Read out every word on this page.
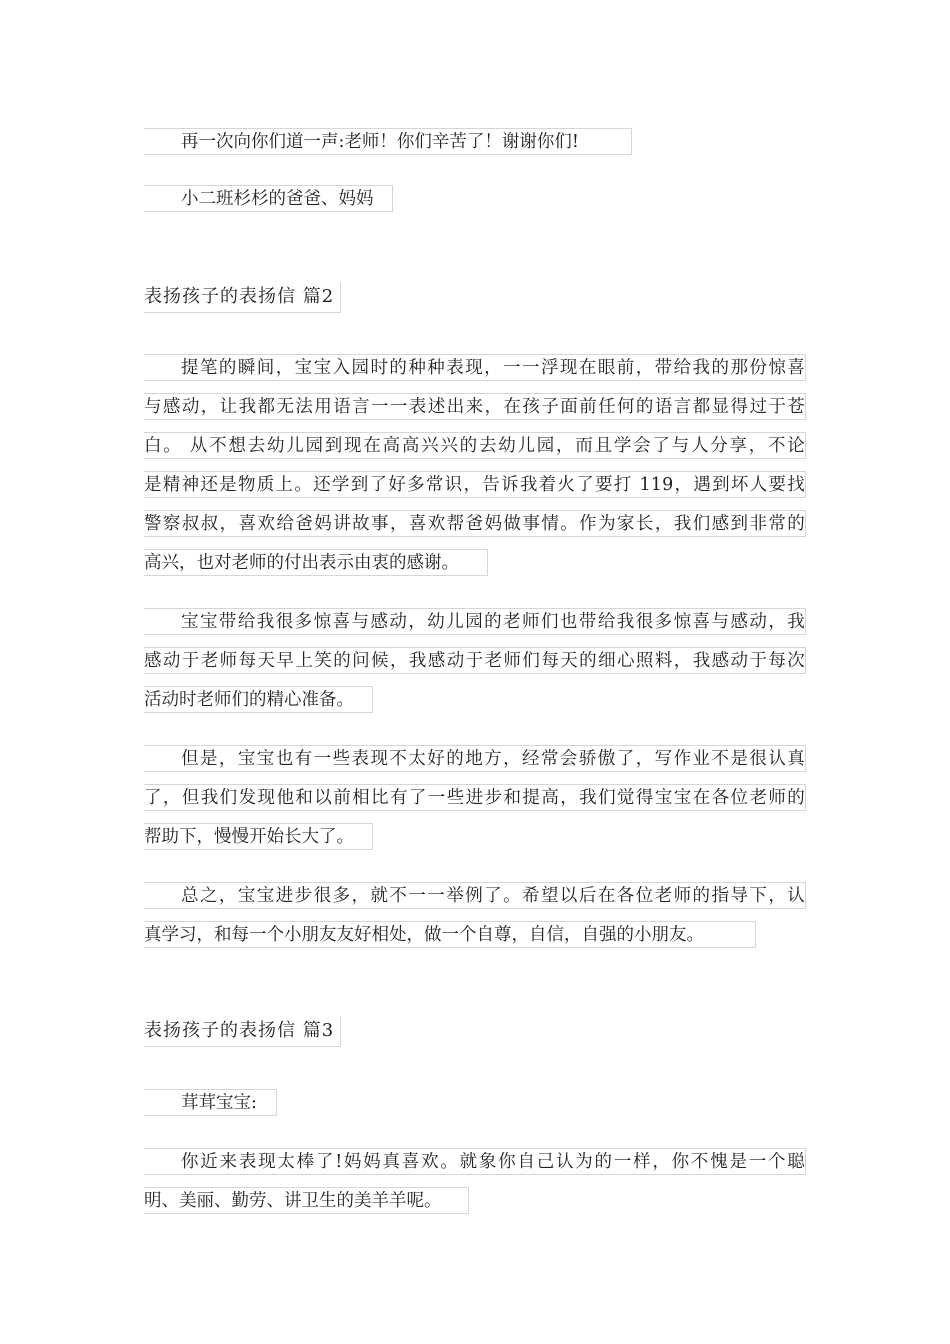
再一次向你们道一声:老师！你们辛苦了！谢谢你们!
小二班杉杉的爸爸、妈妈
表扬孩子的表扬信 篇2
提笔的瞬间，宝宝入园时的种种表现，一一浮现在眼前，带给我的那份惊喜
与感动，让我都无法用语言一一表述出来，在孩子面前任何的语言都显得过于苍
白。 从不想去幼儿园到现在高高兴兴的去幼儿园，而且学会了与人分享，不论
是精神还是物质上。还学到了好多常识，告诉我着火了要打 119，遇到坏人要找
警察叔叔，喜欢给爸妈讲故事，喜欢帮爸妈做事情。作为家长，我们感到非常的
高兴，也对老师的付出表示由衷的感谢。
宝宝带给我很多惊喜与感动，幼儿园的老师们也带给我很多惊喜与感动，我
感动于老师每天早上笑的问候，我感动于老师们每天的细心照料，我感动于每次
活动时老师们的精心准备。
但是，宝宝也有一些表现不太好的地方，经常会骄傲了，写作业不是很认真
了，但我们发现他和以前相比有了一些进步和提高，我们觉得宝宝在各位老师的
帮助下，慢慢开始长大了。
总之，宝宝进步很多，就不一一举例了。希望以后在各位老师的指导下，认
真学习，和每一个小朋友友好相处，做一个自尊，自信，自强的小朋友。
表扬孩子的表扬信 篇3
茸茸宝宝:
你近来表现太棒了!妈妈真喜欢。就象你自己认为的一样，你不愧是一个聪
明、美丽、勤劳、讲卫生的美羊羊呢。
